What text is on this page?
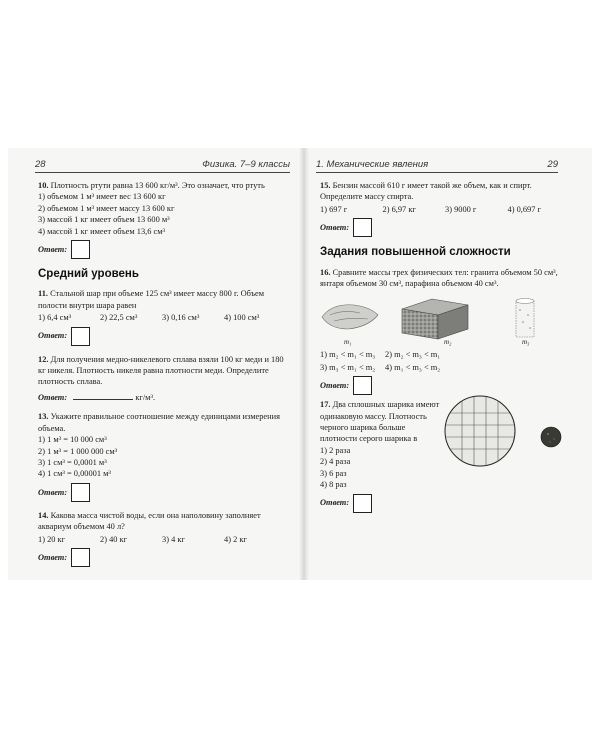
28	Физика. 7–9 классы

10. Плотность ртути равна 13 600 кг/м³. Это означает, что ртуть

1) объемом 1 м³ имеет вес 13 600 кг

2) объемом 1 м³ имеет массу 13 600 кг

3) массой 1 кг имеет объем 13 600 м³

4) массой 1 кг имеет объем 13,6 см³

Ответ:
Средний уровень

11. Стальной шар при объеме 125 см³ имеет массу 800 г. Объем полости внутри шара равен

1) 6,4 см³	2) 22,5 см³	3) 0,16 см³	4) 100 см³
Ответ:

12. Для получения медно-никелевого сплава взяли 100 кг меди и 180 кг никеля. Плотность никеля равна плотности меди. Определите плотность сплава.

Ответ:	кг/м³.

13. Укажите правильное соотношение между единицами измерения объема.

1) 1 м³ = 10 000 см³

2) 1 м³ = 1 000 000 см³

3) 1 см³ = 0,0001 м³

4) 1 см³ = 0,00001 м³

Ответ:

14. Какова масса чистой воды, если она наполовину заполняет аквариум объемом 40 л?

1) 20 кг	2) 40 кг	3) 4 кг	4) 2 кг
Ответ:
1. Механические явления	29

15. Бензин массой 610 г имеет такой же объем, как и спирт. Определите массу спирта.

1) 697 г	2) 6,97 кг	3) 9000 г	4) 0,697 г
Ответ:
Задания повышенной сложности

16. Сравните массы трех физических тел: гранита объемом 50 см³, янтаря объемом 30 см³, парафина объемом 40 см³.

m₁	m₂	m₃
1) m₂ < m₁ < m₃	2) m₂ < m₃ < m₁
3) m₃ < m₁ < m₂	4) m₁ < m₃ < m₂
Ответ:

17. Два сплошных шарика имеют одинаковую массу. Плотность черного шарика больше плотности серого шарика в

1) 2 раза

2) 4 раза

3) 6 раз

4) 8 раз

Ответ:
